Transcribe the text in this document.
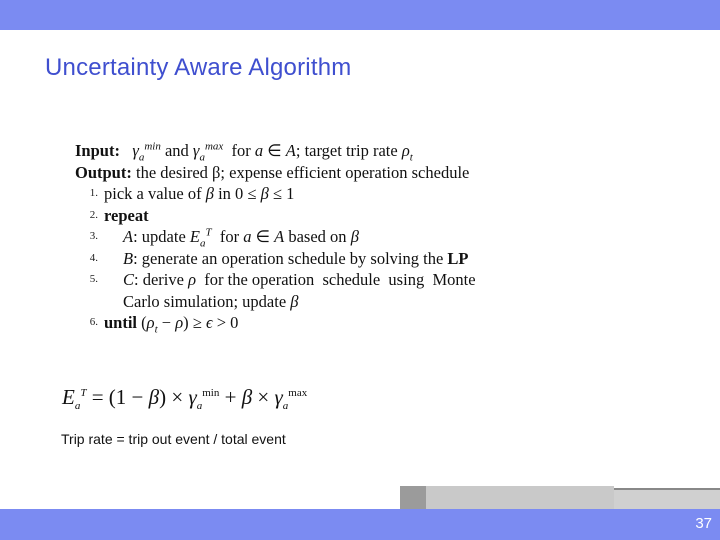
Uncertainty Aware Algorithm
Input: $\gamma_a^{min}$ and $\gamma_a^{max}$  for a ∈ A; target trip rate $\rho_t$
Output: the desired β; expense efficient operation schedule
1. pick a value of β in 0 ≤ β ≤ 1
2. repeat
3. A: update $E_a^T$  for a ∈ A based on β
4. B: generate an operation schedule by solving the LP
5. C: derive ρ  for the operation  schedule  using  Monte
Carlo simulation; update β
6. until $(\rho_t - \rho) \ge \epsilon > 0$
$E_a^T = (1 - \beta) \times \gamma_a^{min} + \beta \times \gamma_a^{max}$
Trip rate = trip out event / total event
37
